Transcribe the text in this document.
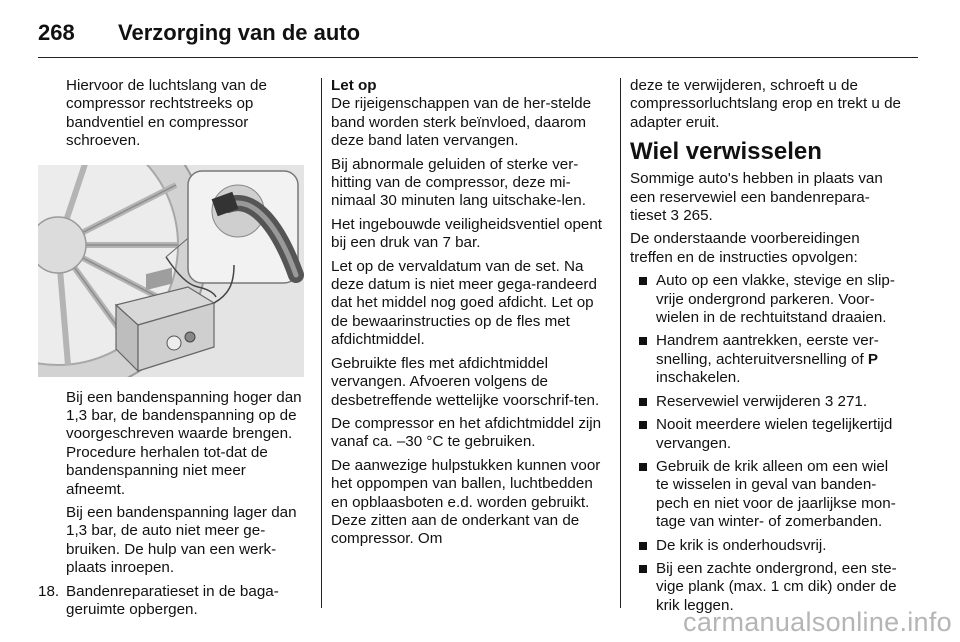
268 Verzorging van de auto

Hiervoor de luchtslang van de compressor rechtstreeks op bandventiel en compressor schroeven.

Bij een bandenspanning hoger dan 1,3 bar, de bandenspanning op de voorgeschreven waarde brengen. Procedure herhalen tot-dat de bandenspanning niet meer afneemt.

Bij een bandenspanning lager dan 1,3 bar, de auto niet meer ge-bruiken. De hulp van een werk-plaats inroepen.

18. Bandenreparatieset in de baga-geruimte opbergen.

Let op
De rijeigenschappen van de her-stelde band worden sterk beïnvloed, daarom deze band laten vervangen.

Bij abnormale geluiden of sterke ver-hitting van de compressor, deze mi-nimaal 30 minuten lang uitschake-len.

Het ingebouwde veiligheidsventiel opent bij een druk van 7 bar.

Let op de vervaldatum van de set. Na deze datum is niet meer gega-randeerd dat het middel nog goed afdicht. Let op de bewaarinstructies op de fles met afdichtmiddel.

Gebruikte fles met afdichtmiddel vervangen. Afvoeren volgens de desbetreffende wettelijke voorschrif-ten.

De compressor en het afdichtmiddel zijn vanaf ca. –30 °C te gebruiken.

De aanwezige hulpstukken kunnen voor het oppompen van ballen, luchtbedden en opblaasboten e.d. worden gebruikt. Deze zitten aan de onderkant van de compressor. Om

deze te verwijderen, schroeft u de compressorluchtslang erop en trekt u de adapter eruit.

Wiel verwisselen

Sommige auto's hebben in plaats van een reservewiel een bandenrepara-tieset 3 265.

De onderstaande voorbereidingen treffen en de instructies opvolgen:

Auto op een vlakke, stevige en slip-vrije ondergrond parkeren. Voor-wielen in de rechtuitstand draaien.
Handrem aantrekken, eerste ver-snelling, achteruitversnelling of P inschakelen.
Reservewiel verwijderen 3 271.
Nooit meerdere wielen tegelijkertijd vervangen.
Gebruik de krik alleen om een wiel te wisselen in geval van banden-pech en niet voor de jaarlijkse mon-tage van winter- of zomerbanden.
De krik is onderhoudsvrij.
Bij een zachte ondergrond, een ste-vige plank (max. 1 cm dik) onder de krik leggen.
carmanualsonline.info
